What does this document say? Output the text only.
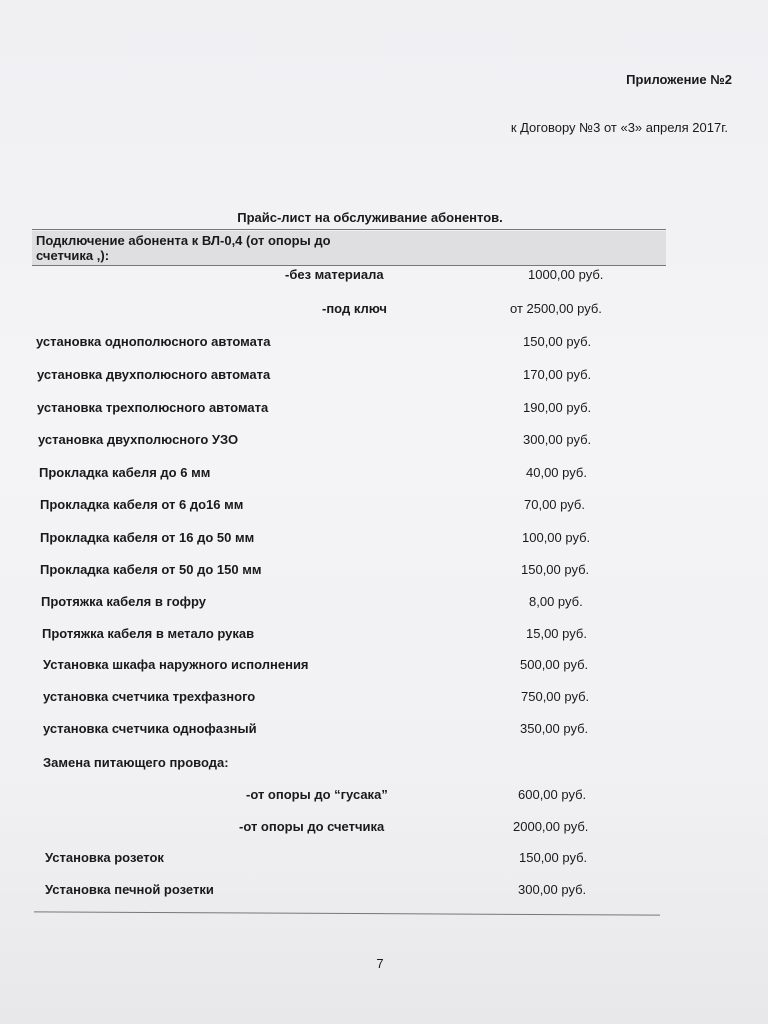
Приложение №2
к Договору №3 от «3» апреля 2017г.
Прайс-лист на обслуживание абонентов.
Подключение абонента к ВЛ-0,4 (от опоры до счетчика ,):
-без материала	1000,00 руб.
-под ключ	от 2500,00 руб.
установка однополюсного автомата	150,00 руб.
установка двухполюсного автомата	170,00 руб.
установка трехполюсного автомата	190,00 руб.
установка двухполюсного УЗО	300,00 руб.
Прокладка кабеля до 6 мм	40,00 руб.
Прокладка кабеля от 6 до16 мм	70,00 руб.
Прокладка кабеля от 16 до 50 мм	100,00 руб.
Прокладка кабеля от 50 до 150 мм	150,00 руб.
Протяжка кабеля в гофру	8,00 руб.
Протяжка кабеля в метало рукав	15,00 руб.
Установка шкафа наружного исполнения	500,00 руб.
установка счетчика трехфазного	750,00 руб.
установка счетчика однофазный	350,00 руб.
Замена питающего провода:
-от опоры до “гусака”	600,00 руб.
-от опоры до счетчика	2000,00 руб.
Установка розеток	150,00 руб.
Установка печной розетки	300,00 руб.
7
